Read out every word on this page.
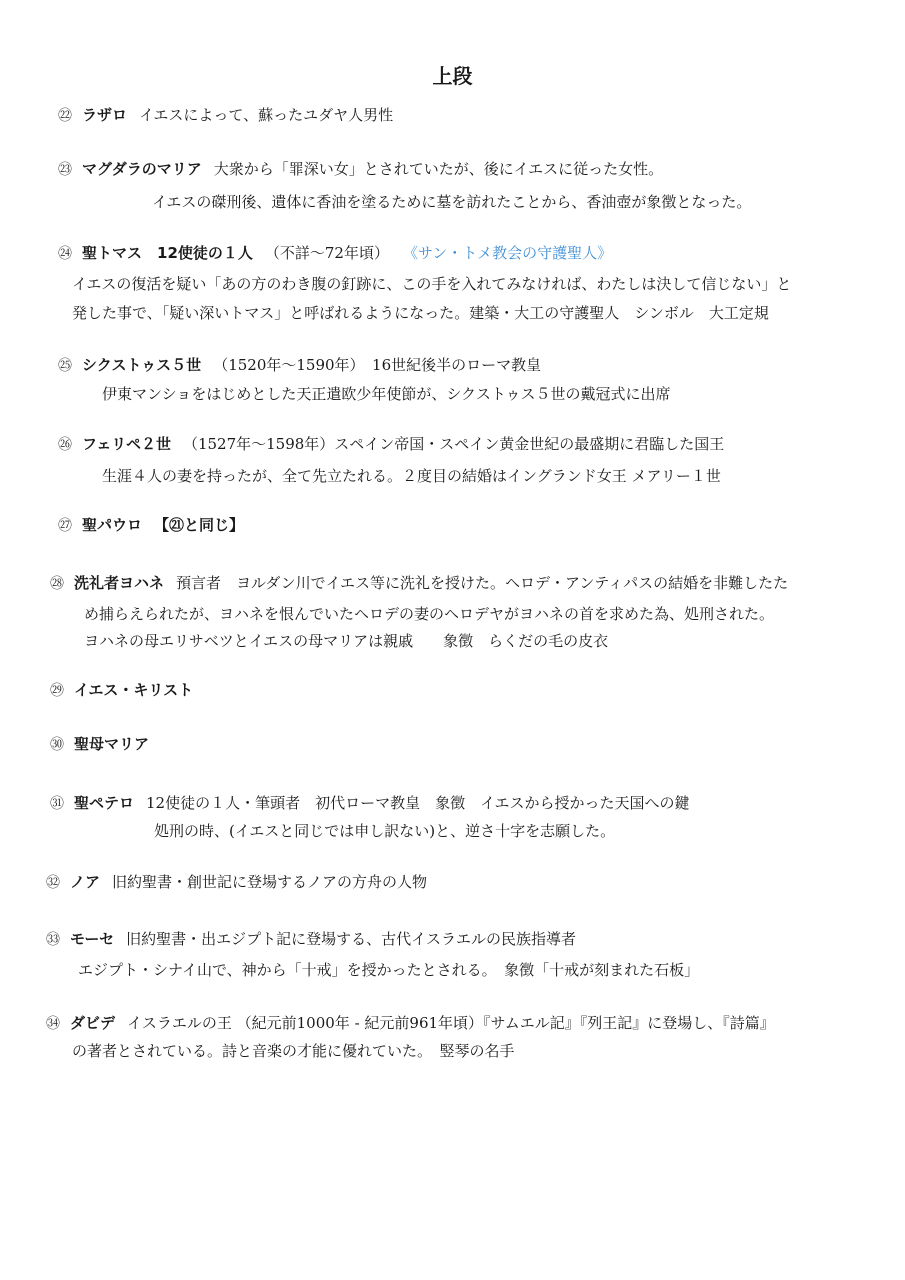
上段
㉒ ラザロ イエスによって、蘇ったユダヤ人男性
㉓ マグダラのマリア 大衆から「罪深い女」とされていたが、後にイエスに従った女性。
イエスの磔刑後、遺体に香油を塗るために墓を訪れたことから、香油壺が象徴となった。
㉔ 聖トマス　12使徒の１人 （不詳〜72年頃） 《サン・トメ教会の守護聖人》
イエスの復活を疑い「あの方のわき腹の釘跡に、この手を入れてみなければ、わたしは決して信じない」と
発した事で、「疑い深いトマス」と呼ばれるようになった。建築・大工の守護聖人　シンボル　大工定規
㉕ シクストゥス５世 （1520年〜1590年）　16世紀後半のローマ教皇
伊東マンショをはじめとした天正遣欧少年使節が、シクストゥス５世の戴冠式に出席
㉖ フェリペ２世 （1527年〜1598年）スペイン帝国・スペイン黄金世紀の最盛期に君臨した国王
生涯４人の妻を持ったが、全て先立たれる。２度目の結婚はイングランド女王 メアリー１世
㉗ 聖パウロ 【㉑と同じ】
㉘ 洗礼者ヨハネ 預言者　ヨルダン川でイエス等に洗礼を授けた。ヘロデ・アンティパスの結婚を非難したた
め捕らえられたが、ヨハネを恨んでいたヘロデの妻のヘロデヤがヨハネの首を求めた為、処刑された。
ヨハネの母エリサベツとイエスの母マリアは親戚　　象徴　らくだの毛の皮衣
㉙ イエス・キリスト
㉚ 聖母マリア
㉛ 聖ペテロ 12使徒の１人・筆頭者　初代ローマ教皇　象徴　イエスから授かった天国への鍵
処刑の時、(イエスと同じでは申し訳ない)と、逆さ十字を志願した。
㉜ ノア 旧約聖書・創世記に登場するノアの方舟の人物
㉝ モーセ 旧約聖書・出エジプト記に登場する、古代イスラエルの民族指導者
エジプト・シナイ山で、神から「十戒」を授かったとされる。　象徴「十戒が刻まれた石板」
㉞ ダビデ イスラエルの王 （紀元前1000年 - 紀元前961年頃）『サムエル記』『列王記』に登場し、『詩篇』
の著者とされている。詩と音楽の才能に優れていた。　竪琴の名手
